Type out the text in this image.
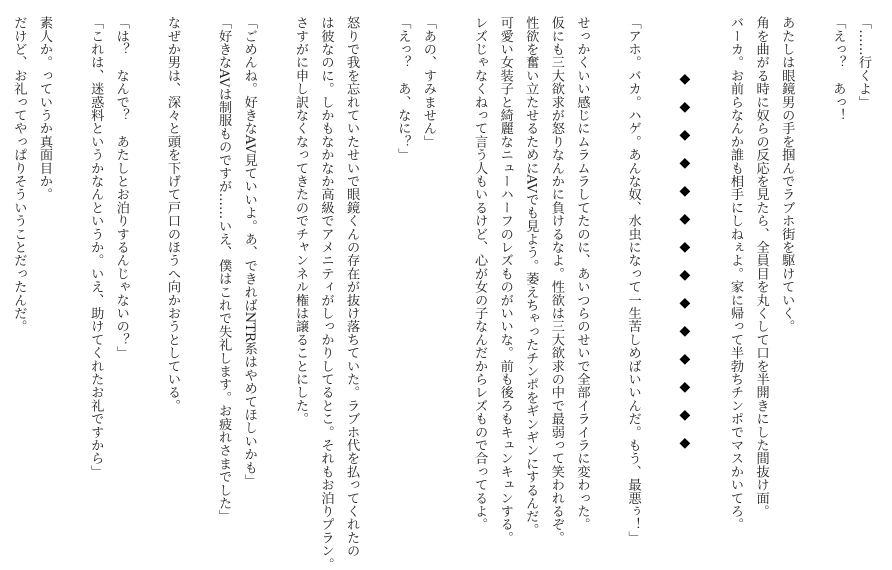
「……行くよ」
「えっ？　あっ！
あたしは眼鏡男の手を掴んでラブホ街を駆けていく。
角を曲がる時に奴らの反応を見たら、全員目を丸くして口を半開きにした間抜け面。
バーカ。お前らなんか誰も相手にしねぇよ。家に帰って半勃ちチンポでマスかいてろ。
◆◆◆◆◆◆◆◆◆◆◆◆◆◆
「アホ。バカ。ハゲ。あんな奴、水虫になって一生苦しめばいいんだ。もう、最悪ぅ！」
せっかくいい感じにムラムラしてたのに、あいつらのせいで全部イライラに変わった。
仮にも三大欲求が怒りなんかに負けるなよ。性欲は三大欲求の中で最弱って笑われるぞ。
性欲を奮い立たせるためにAVでも見よう。萎えちゃったチンポをギンギンにするんだ。
可愛い女装子と綺麗なニューハーフのレズものがいいな。前も後ろもキュンキュンする。
レズじゃなくねって言う人もいるけど、心が女の子なんだからレズもので合ってるよ。
「あの、すみません」
「えっ？　あ、なに？」
怒りで我を忘れていたせいで眼鏡くんの存在が抜け落ちていた。ラブホ代を払ってくれたの
は彼なのに。しかもなかなか高級でアメニティがしっかりしてるとこ。それもお泊りプラン。
さすがに申し訳なくなってきたのでチャンネル権は譲ることにした。
「ごめんね。好きなAV見ていいよ。あ、できればNTR系はやめてほしいかも」
「好きなAVは制服ものですが……いえ、僕はこれで失礼します。お疲れさまでした」
なぜか男は、深々と頭を下げて戸口のほうへ向かおうとしている。
「は？　なんで？　あたしとお泊りするんじゃないの？」
「これは、迷惑料というかなんというか。いえ、助けてくれたお礼ですから」
素人か。っていうか真面目か。
だけど、お礼ってやっぱりそういうことだったんだ。
